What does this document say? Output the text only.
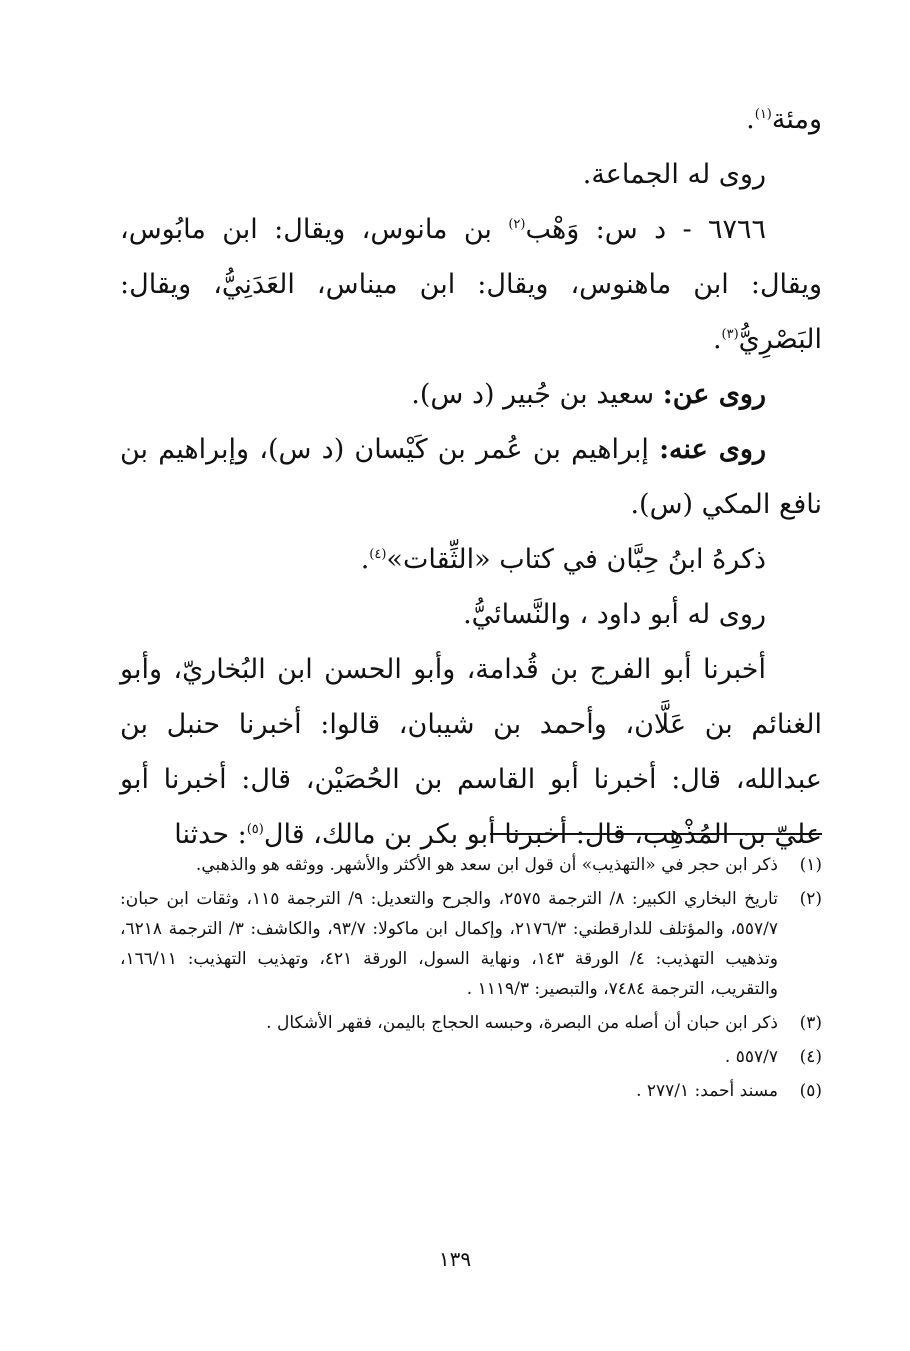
ومئة$^{(١)}$.

روى له الجماعة.

٦٧٦٦ - د س: وَهْب$^{(٢)}$ بن مانوس، ويقال: ابن مابُوس، ويقال: ابن ماهنوس، ويقال: ابن ميناس، العَدَنِيُّ، ويقال: البَصْرِيُّ$^{(٣)}$.

روى عن: سعيد بن جُبير (د س).

روى عنه: إبراهيم بن عُمر بن كَيْسان (د س)، وإبراهيم بن نافع المكي (س).

ذكرهُ ابنُ حِبَّان في كتاب «الثِّقات»$^{(٤)}$.

روى له أبو داود ، والنَّسائيُّ.

أخبرنا أبو الفرج بن قُدامة، وأبو الحسن ابن البُخاريّ، وأبو الغنائم بن عَلَّان، وأحمد بن شيبان، قالوا: أخبرنا حنبل بن عبدالله، قال: أخبرنا أبو القاسم بن الحُصَيْن، قال: أخبرنا أبو عليّ بن المُذْهِب، قال: أخبرنا أبو بكر بن مالك، قال$^{(٥)}$: حدثنا

(١)
ذكر ابن حجر في «التهذيب» أن قول ابن سعد هو الأكثر والأشهر. ووثقه هو والذهبي.
(٢)
تاريخ البخاري الكبير: ٨/ الترجمة ٢٥٧٥، والجرح والتعديل: ٩/ الترجمة ١١٥، وثقات ابن حبان: ٥٥٧/٧، والمؤتلف للدارقطني: ٢١٧٦/٣، وإكمال ابن ماكولا: ٩٣/٧، والكاشف: ٣/ الترجمة ٦٢١٨، وتذهيب التهذيب: ٤/ الورقة ١٤٣، ونهاية السول، الورقة ٤٢١، وتهذيب التهذيب: ١٦٦/١١، والتقريب، الترجمة ٧٤٨٤، والتبصير: ١١١٩/٣ .
(٣)
ذكر ابن حبان أن أصله من البصرة، وحبسه الحجاج باليمن، فقهر الأشكال .
(٤)
٥٥٧/٧ .
(٥)
مسند أحمد: ٢٧٧/١ .
١٣٩
